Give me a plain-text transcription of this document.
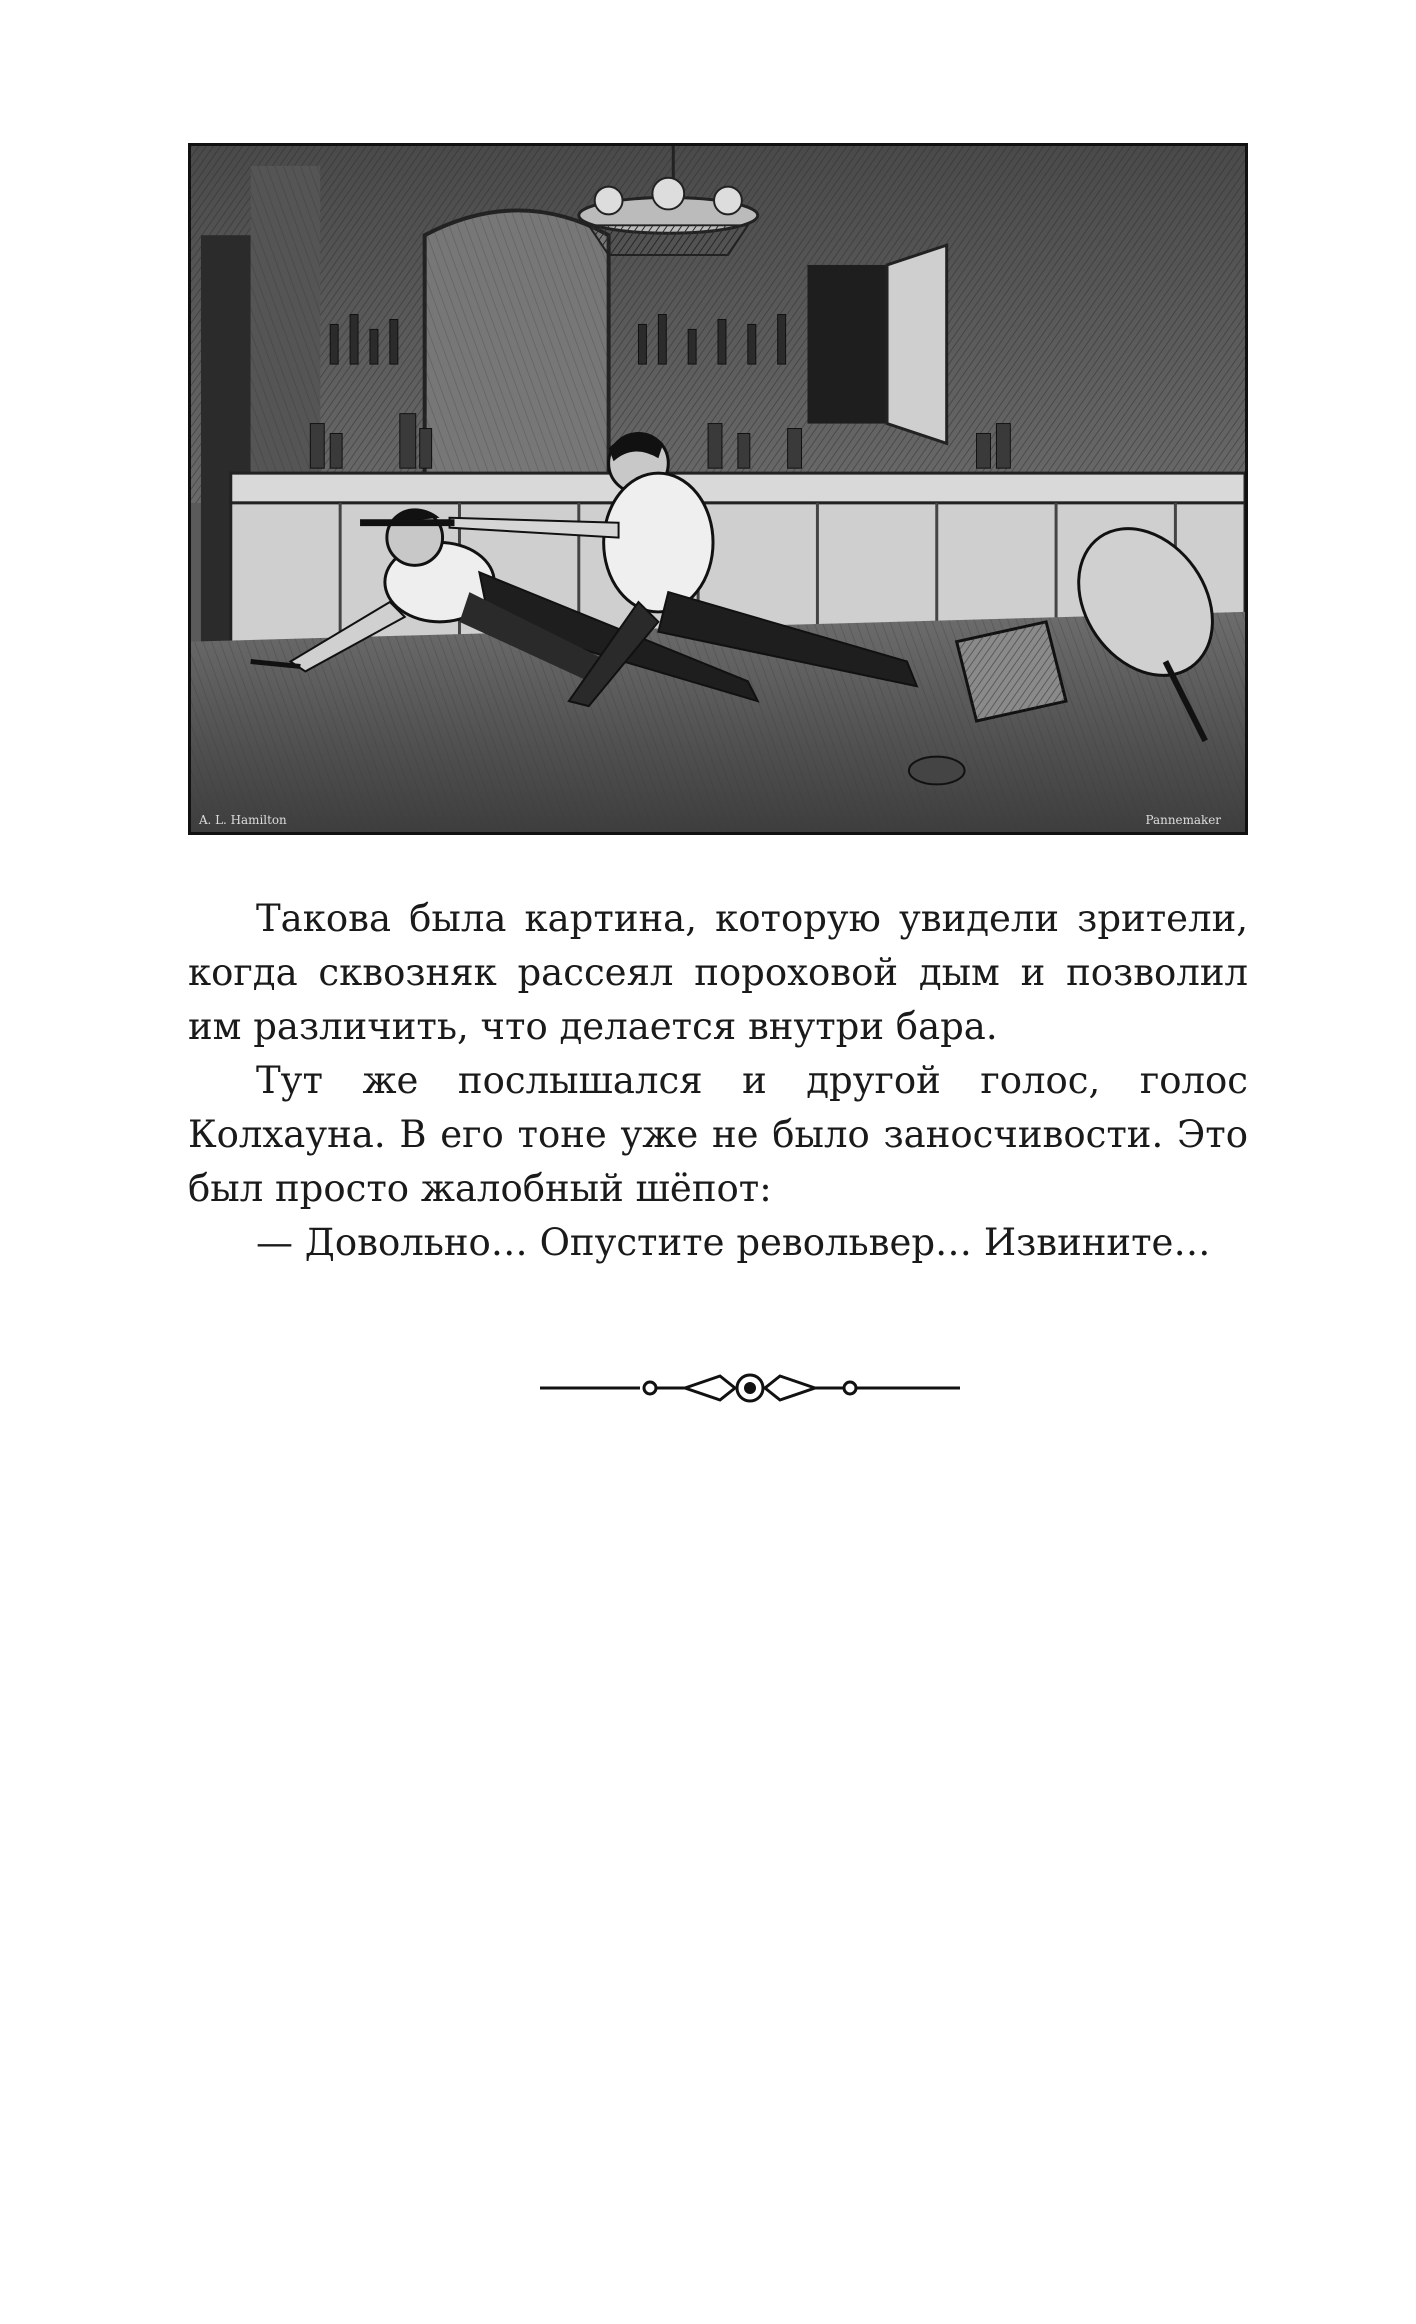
A. L. Hamilton	Pannemaker

Такова была картина, которую увидели зрители, когда сквозняк рассеял пороховой дым и позволил им различить, что делается внутри бара.

Тут же послышался и другой голос, голос Колхауна. В его тоне уже не было заносчивости. Это был просто жалобный шёпот:

— Довольно… Опустите револьвер… Извините…
